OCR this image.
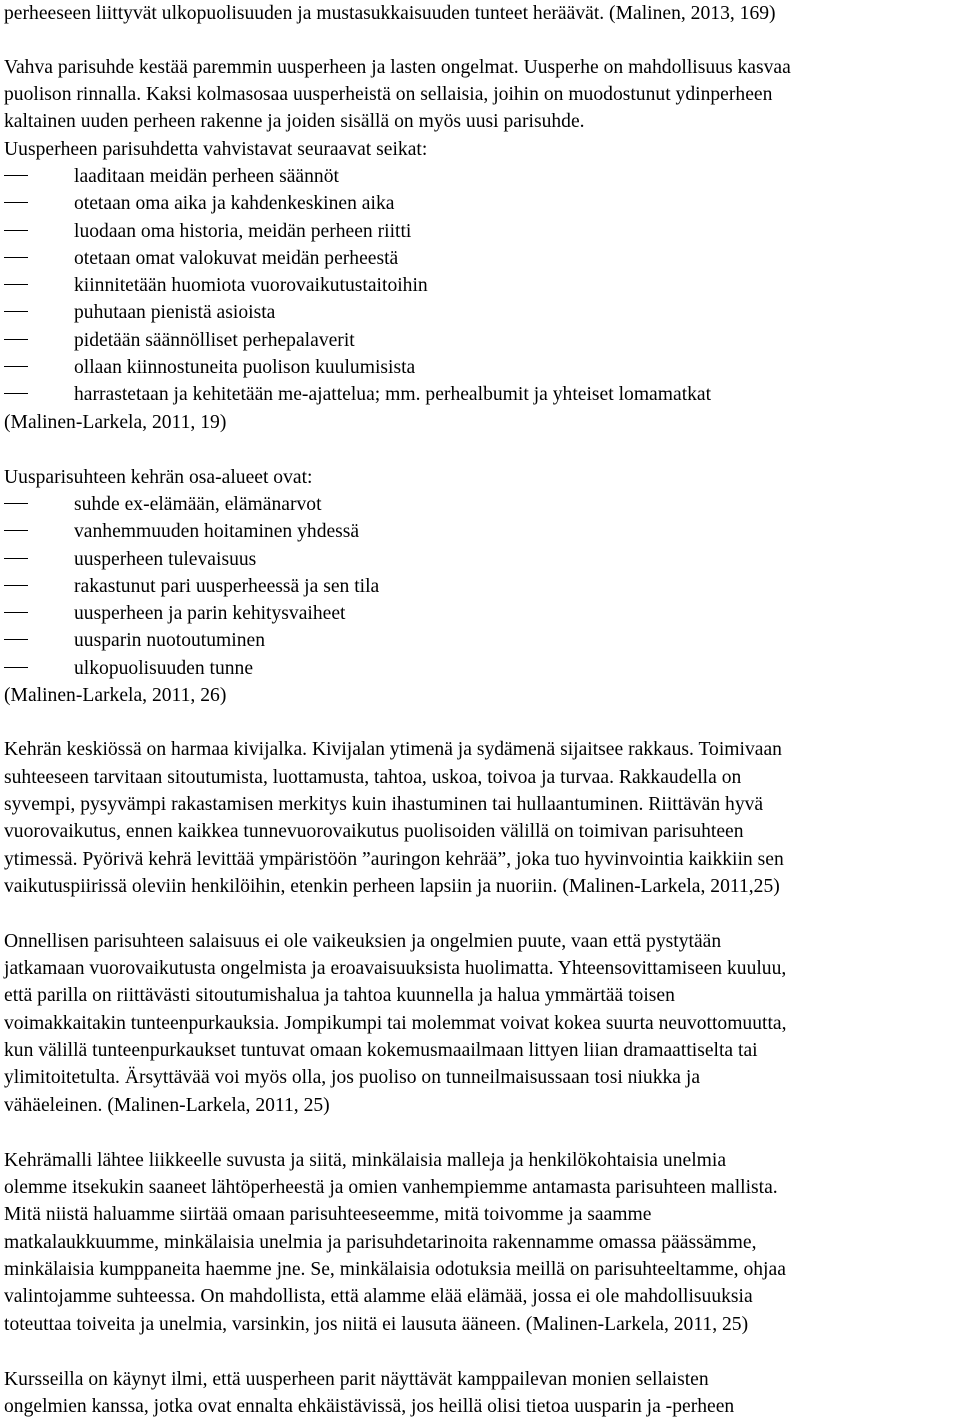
perheeseen liittyvät ulkopuolisuuden ja mustasukkaisuuden tunteet heräävät. (Malinen, 2013, 169)
Vahva parisuhde kestää paremmin uusperheen ja lasten ongelmat. Uusperhe on mahdollisuus kasvaa
puolison rinnalla. Kaksi kolmasosaa uusperheistä on sellaisia, joihin on muodostunut ydinperheen
kaltainen uuden perheen rakenne ja joiden sisällä on myös uusi parisuhde.
Uusperheen parisuhdetta vahvistavat seuraavat seikat:
laaditaan meidän perheen säännöt
otetaan oma aika ja kahdenkeskinen aika
luodaan oma historia, meidän perheen riitti
otetaan omat valokuvat meidän perheestä
kiinnitetään huomiota vuorovaikutustaitoihin
puhutaan pienistä asioista
pidetään säännölliset perhepalaverit
ollaan kiinnostuneita puolison kuulumisista
harrastetaan ja kehitetään me-ajattelua; mm. perhealbumit ja yhteiset lomamatkat
(Malinen-Larkela, 2011, 19)
Uusparisuhteen kehrän osa-alueet ovat:
suhde ex-elämään, elämänarvot
vanhemmuuden hoitaminen yhdessä
uusperheen tulevaisuus
rakastunut pari uusperheessä ja sen tila
uusperheen ja parin kehitysvaiheet
uusparin nuotoutuminen
ulkopuolisuuden tunne
(Malinen-Larkela, 2011, 26)
Kehrän keskiössä on harmaa kivijalka. Kivijalan ytimenä ja sydämenä sijaitsee rakkaus. Toimivaan
suhteeseen tarvitaan sitoutumista, luottamusta, tahtoa, uskoa, toivoa ja turvaa. Rakkaudella on
syvempi, pysyvämpi rakastamisen merkitys kuin ihastuminen tai hullaantuminen. Riittävän hyvä
vuorovaikutus, ennen kaikkea tunnevuorovaikutus puolisoiden välillä on toimivan parisuhteen
ytimessä. Pyörivä kehrä levittää ympäristöön ”auringon kehrää”, joka tuo hyvinvointia kaikkiin sen
vaikutuspiirissä oleviin henkilöihin, etenkin perheen lapsiin ja nuoriin. (Malinen-Larkela, 2011,25)
Onnellisen parisuhteen salaisuus ei ole vaikeuksien ja ongelmien puute, vaan että pystytään
jatkamaan vuorovaikutusta ongelmista ja eroavaisuuksista huolimatta. Yhteensovittamiseen kuuluu,
että parilla on riittävästi sitoutumishalua ja tahtoa kuunnella ja halua ymmärtää toisen
voimakkaitakin tunteenpurkauksia. Jompikumpi tai molemmat voivat kokea suurta neuvottomuutta,
kun välillä tunteenpurkaukset tuntuvat omaan kokemusmaailmaan littyen liian dramaattiselta tai
ylimitoitetulta. Ärsyttävää voi myös olla, jos puoliso on tunneilmaisussaan tosi niukka ja
vähäeleinen. (Malinen-Larkela, 2011, 25)
Kehrämalli lähtee liikkeelle suvusta ja siitä, minkälaisia malleja ja henkilökohtaisia unelmia
olemme itsekukin saaneet lähtöperheestä ja omien vanhempiemme antamasta parisuhteen mallista.
Mitä niistä haluamme siirtää omaan parisuhteeseemme, mitä toivomme ja saamme
matkalaukkuumme, minkälaisia unelmia ja parisuhdetarinoita rakennamme omassa päässämme,
minkälaisia kumppaneita haemme jne. Se, minkälaisia odotuksia meillä on parisuhteeltamme, ohjaa
valintojamme suhteessa. On mahdollista, että alamme elää elämää, jossa ei ole mahdollisuuksia
toteuttaa toiveita ja unelmia, varsinkin, jos niitä ei lausuta ääneen. (Malinen-Larkela, 2011, 25)
Kursseilla on käynyt ilmi, että uusperheen parit näyttävät kamppailevan monien sellaisten
ongelmien kanssa, jotka ovat ennalta ehkäistävissä, jos heillä olisi tietoa uusparin ja -perheen
